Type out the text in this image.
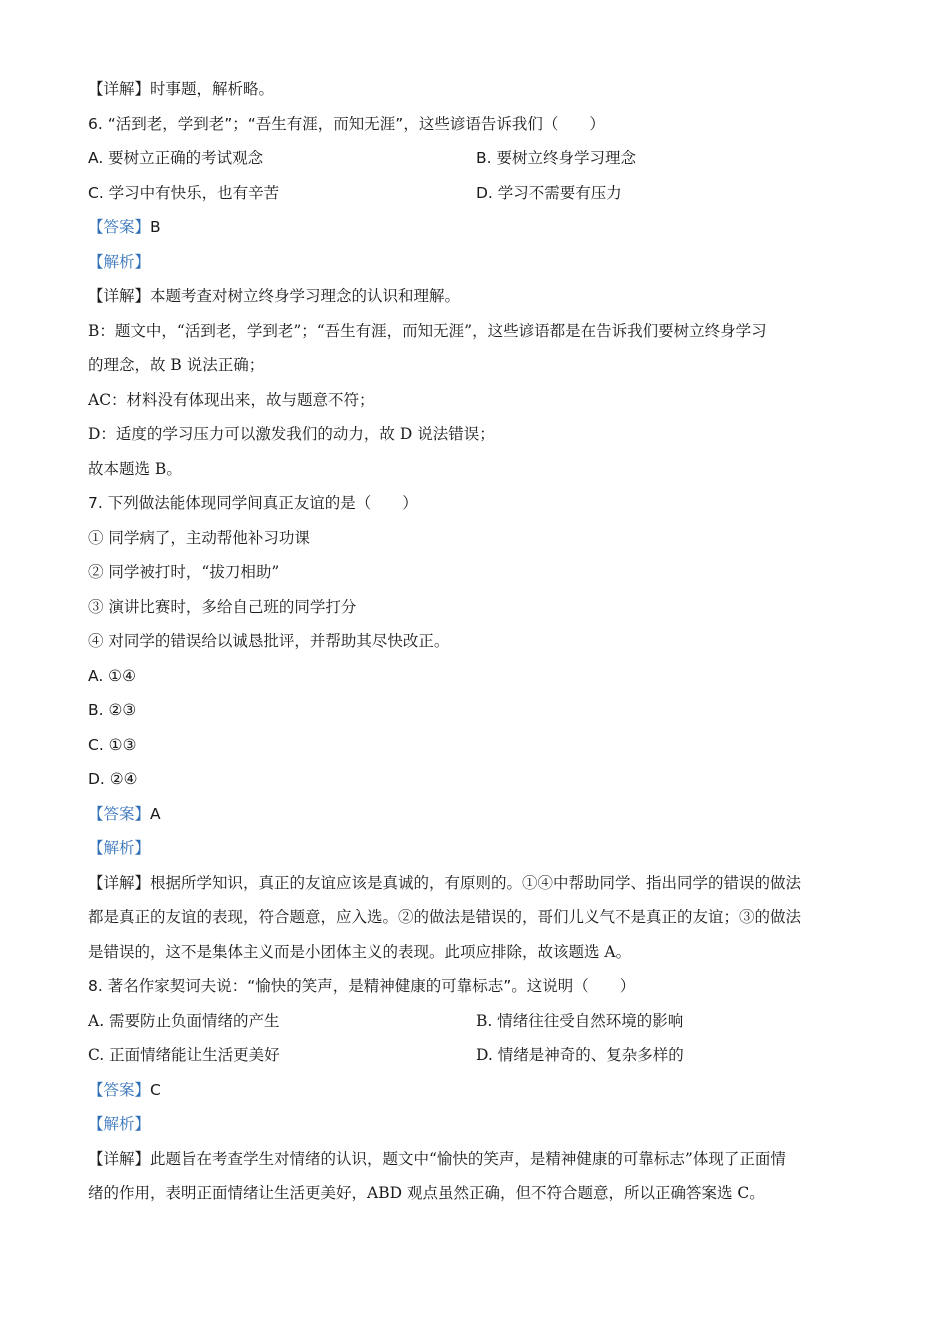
【详解】时事题，解析略。
6. “活到老，学到老”；“吾生有涯，而知无涯”，这些谚语告诉我们（　　）
A. 要树立正确的考试观念	B. 要树立终身学习理念
C. 学习中有快乐，也有辛苦	D. 学习不需要有压力
【答案】B
【解析】
【详解】本题考查对树立终身学习理念的认识和理解。
B：题文中，“活到老，学到老”；“吾生有涯，而知无涯”，这些谚语都是在告诉我们要树立终身学习
的理念，故 B 说法正确；
AC：材料没有体现出来，故与题意不符；
D：适度的学习压力可以激发我们的动力，故 D 说法错误；
故本题选 B。
7. 下列做法能体现同学间真正友谊的是（　　）
① 同学病了，主动帮他补习功课
② 同学被打时，“拔刀相助”
③ 演讲比赛时，多给自己班的同学打分
④ 对同学的错误给以诚恳批评，并帮助其尽快改正。
A. ①④
B. ②③
C. ①③
D. ②④
【答案】A
【解析】
【详解】根据所学知识，真正的友谊应该是真诚的，有原则的。①④中帮助同学、指出同学的错误的做法
都是真正的友谊的表现，符合题意，应入选。②的做法是错误的，哥们儿义气不是真正的友谊；③的做法
是错误的，这不是集体主义而是小团体主义的表现。此项应排除，故该题选 A。
8. 著名作家契诃夫说：“愉快的笑声，是精神健康的可靠标志”。这说明（　　）
A. 需要防止负面情绪的产生	B. 情绪往往受自然环境的影响
C. 正面情绪能让生活更美好	D. 情绪是神奇的、复杂多样的
【答案】C
【解析】
【详解】此题旨在考查学生对情绪的认识，题文中“愉快的笑声，是精神健康的可靠标志”体现了正面情
绪的作用，表明正面情绪让生活更美好，ABD 观点虽然正确，但不符合题意，所以正确答案选 C。
